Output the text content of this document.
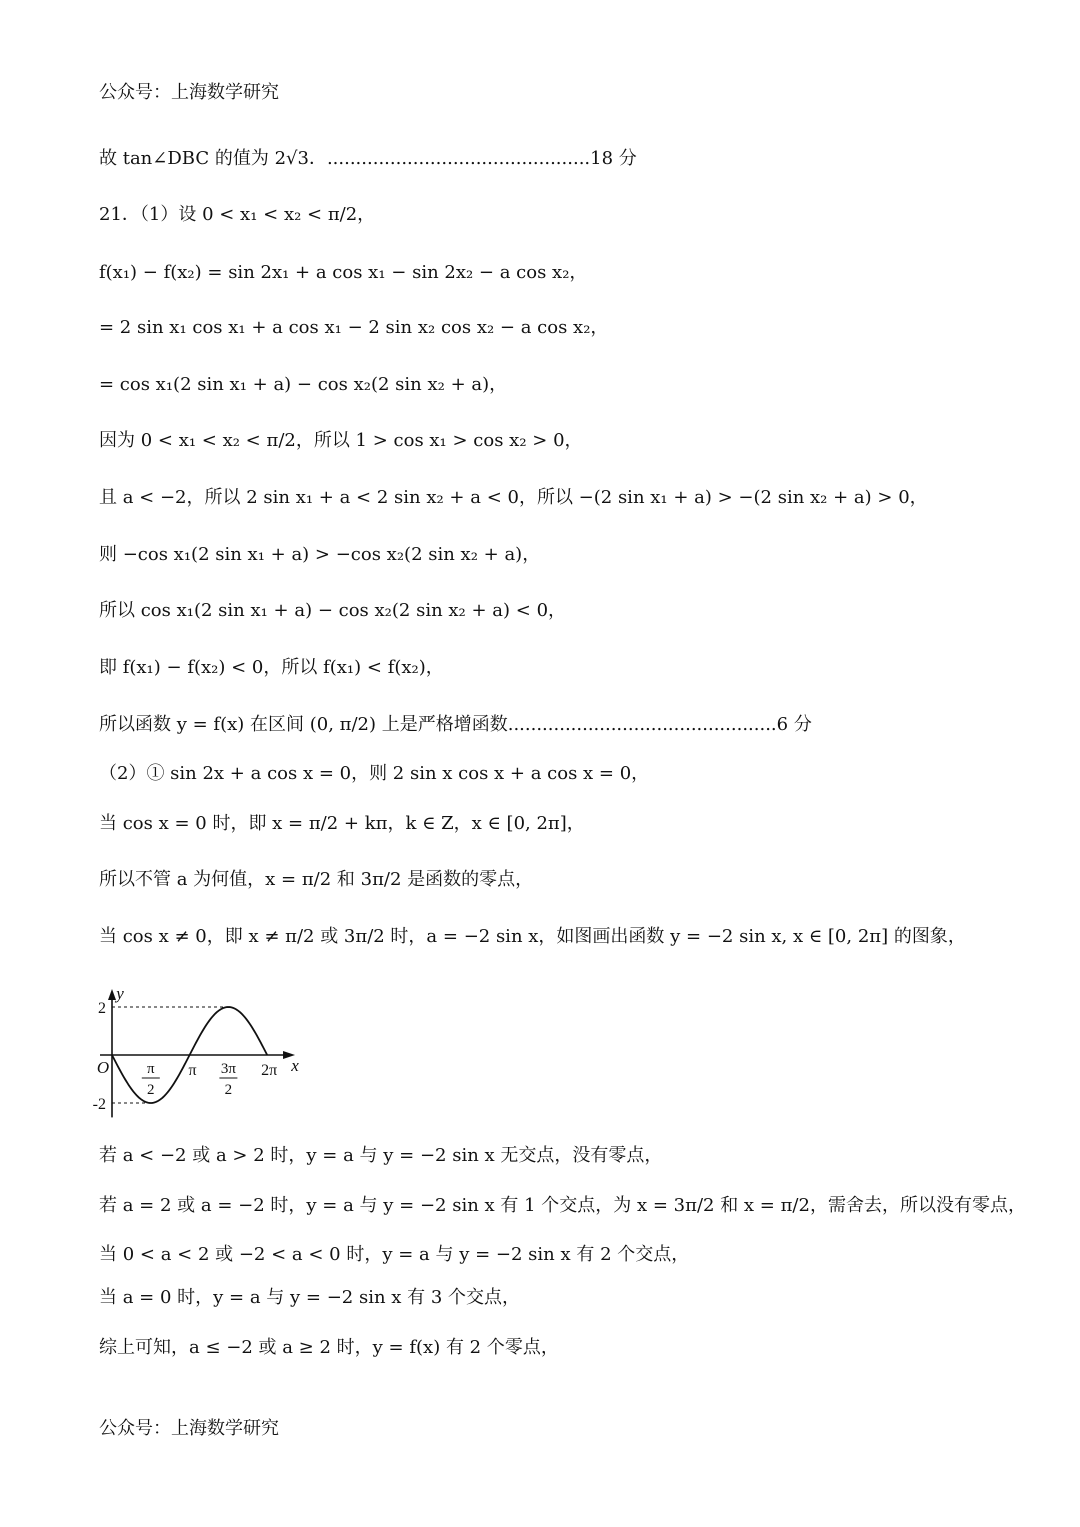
公众号：上海数学研究
故 tan∠DBC 的值为 2√3．..............................................18 分
21．（1）设 0 < x₁ < x₂ < π/2，
f(x₁) − f(x₂) = sin 2x₁ + a cos x₁ − sin 2x₂ − a cos x₂，
= 2 sin x₁ cos x₁ + a cos x₁ − 2 sin x₂ cos x₂ − a cos x₂，
= cos x₁(2 sin x₁ + a) − cos x₂(2 sin x₂ + a)，
因为 0 < x₁ < x₂ < π/2，所以 1 > cos x₁ > cos x₂ > 0，
且 a < −2，所以 2 sin x₁ + a < 2 sin x₂ + a < 0，所以 −(2 sin x₁ + a) > −(2 sin x₂ + a) > 0，
则 −cos x₁(2 sin x₁ + a) > −cos x₂(2 sin x₂ + a)，
所以 cos x₁(2 sin x₁ + a) − cos x₂(2 sin x₂ + a) < 0，
即 f(x₁) − f(x₂) < 0，所以 f(x₁) < f(x₂)，
所以函数 y = f(x) 在区间 (0, π/2) 上是严格增函数...............................................6 分
（2）① sin 2x + a cos x = 0，则 2 sin x cos x + a cos x = 0，
当 cos x = 0 时，即 x = π/2 + kπ，k ∈ Z，x ∈ [0, 2π]，
所以不管 a 为何值，x = π/2 和 3π/2 是函数的零点，
当 cos x ≠ 0，即 x ≠ π/2 或 3π/2 时，a = −2 sin x，如图画出函数 y = −2 sin x, x ∈ [0, 2π] 的图象，
y
x
O
2
-2
π
2
π 3π
2
2π
若 a < −2 或 a > 2 时，y = a 与 y = −2 sin x 无交点，没有零点，
若 a = 2 或 a = −2 时，y = a 与 y = −2 sin x 有 1 个交点，为 x = 3π/2 和 x = π/2，需舍去，所以没有零点，
当 0 < a < 2 或 −2 < a < 0 时，y = a 与 y = −2 sin x 有 2 个交点，
当 a = 0 时，y = a 与 y = −2 sin x 有 3 个交点，
综上可知，a ≤ −2 或 a ≥ 2 时，y = f(x) 有 2 个零点，
公众号：上海数学研究
